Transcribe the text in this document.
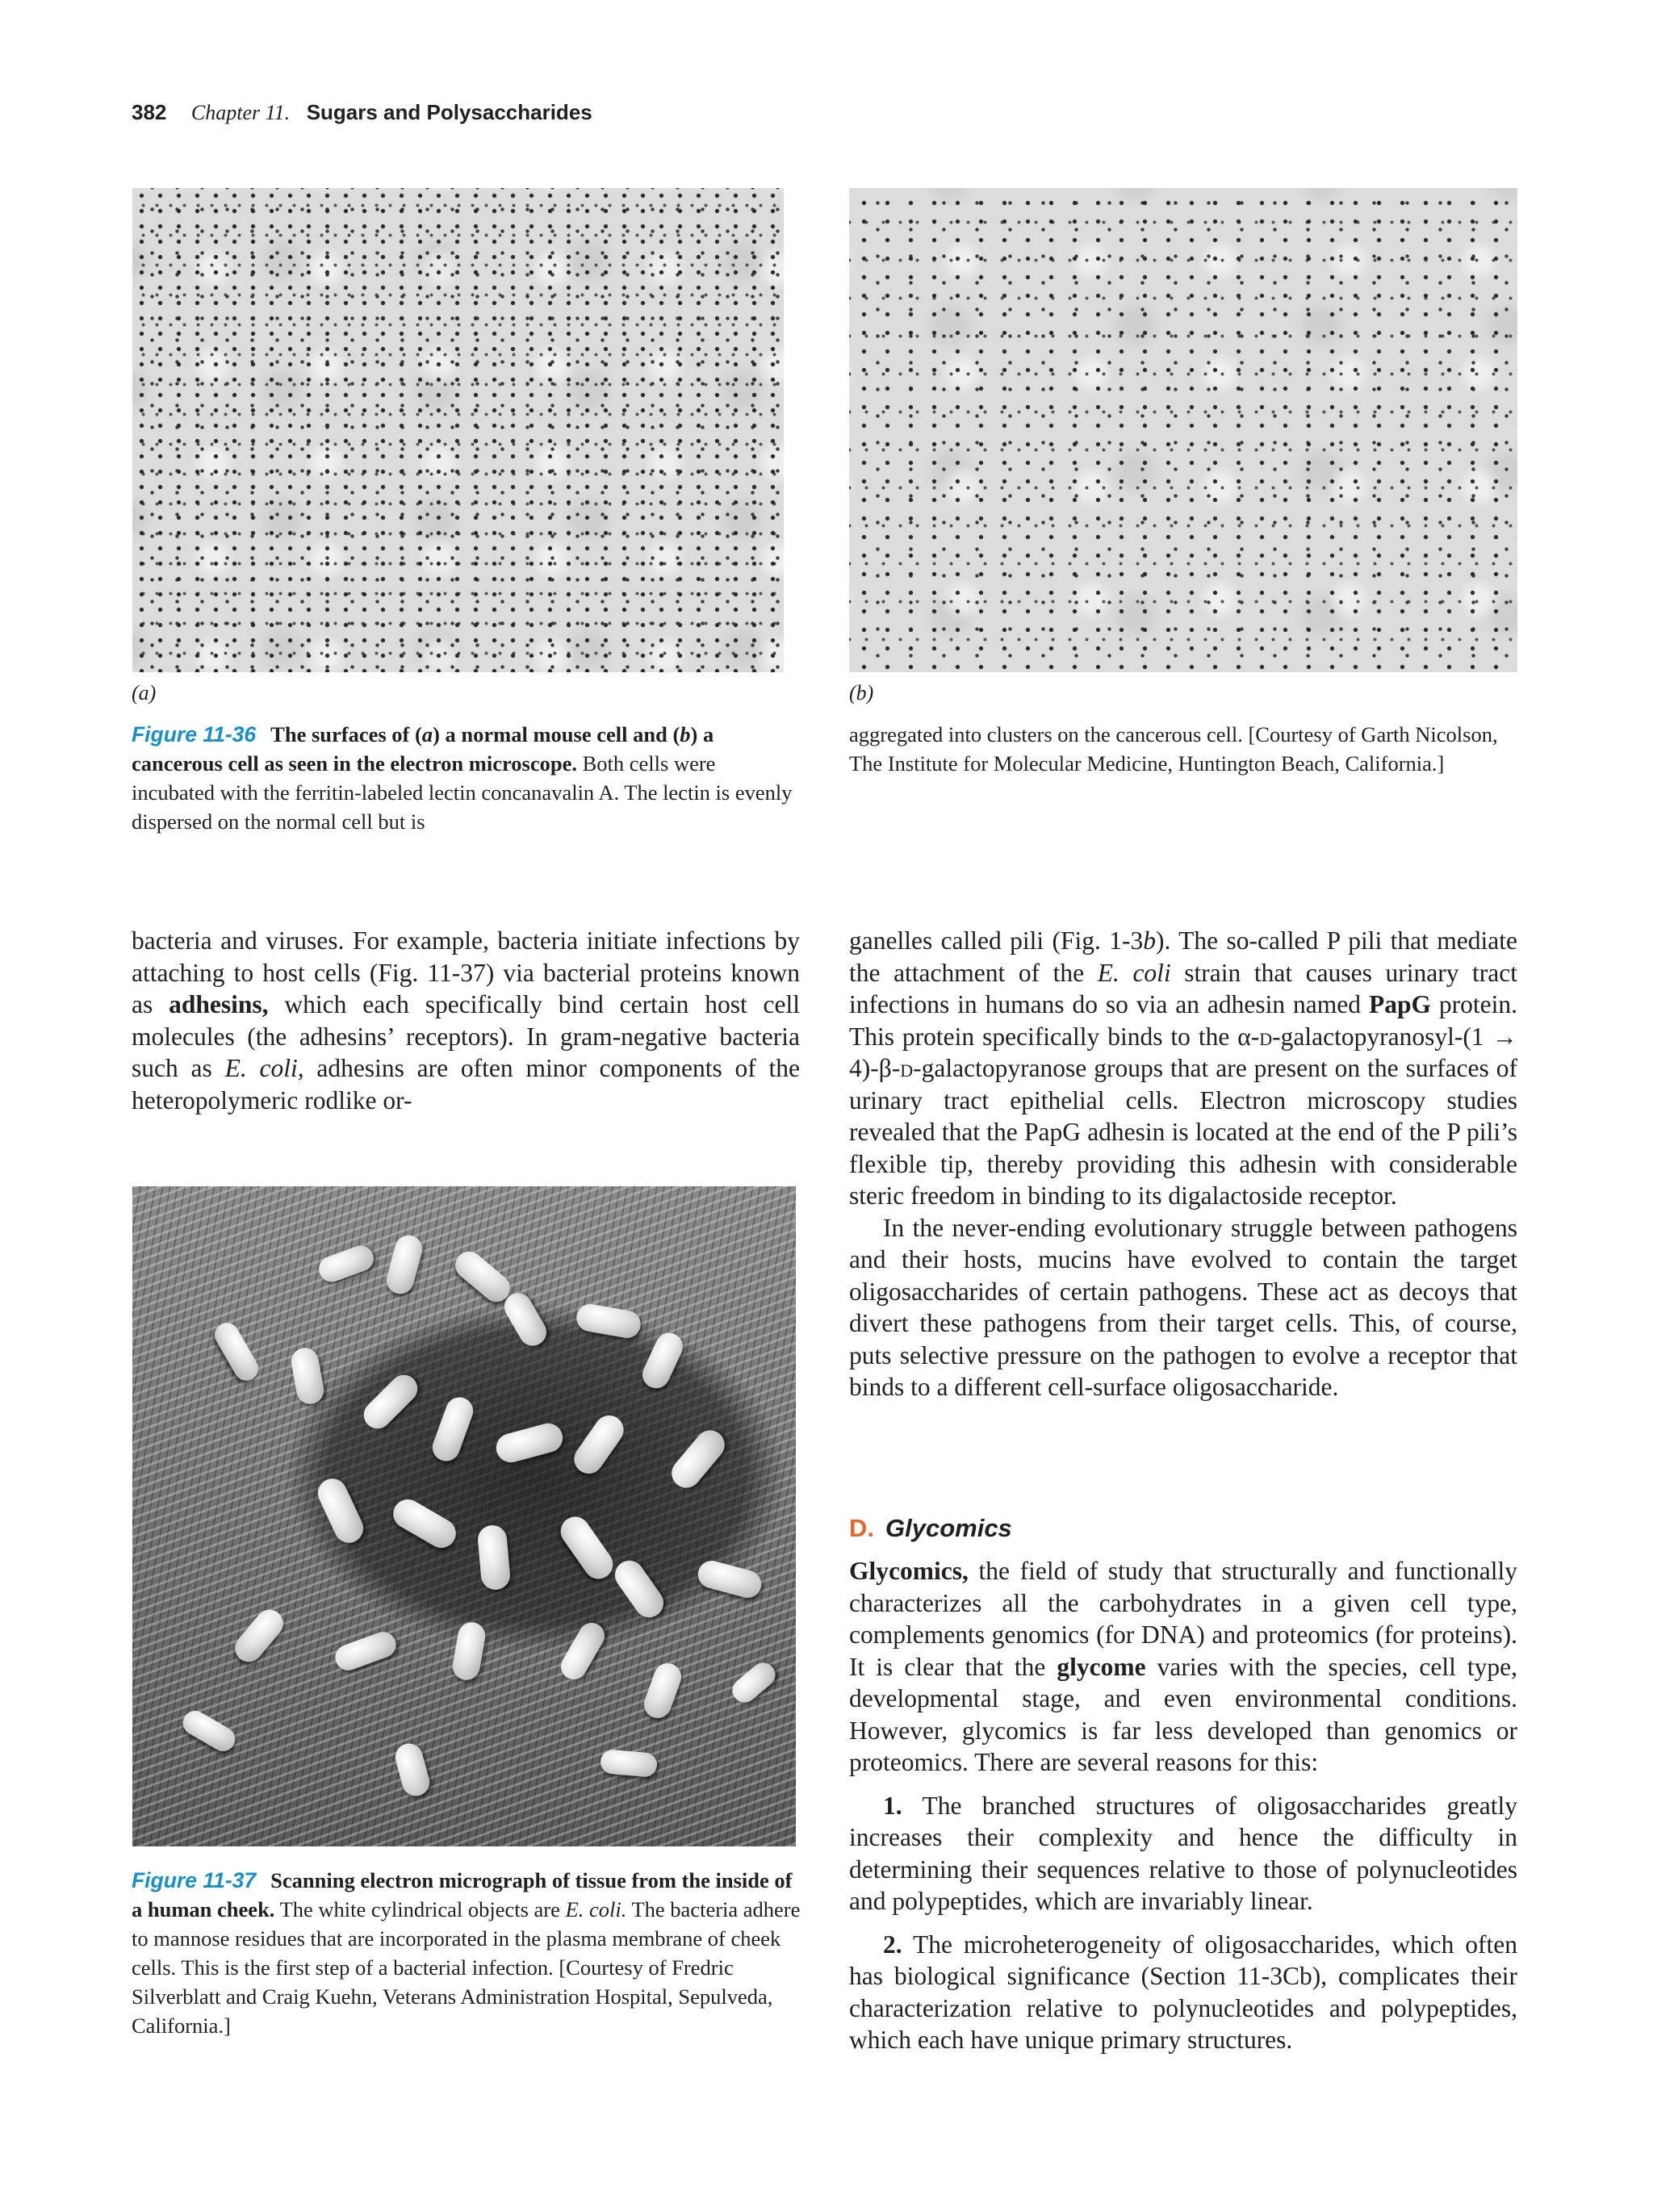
382 Chapter 11. Sugars and Polysaccharides
(a)	(b)
Figure 11-36 The surfaces of (a) a normal mouse cell and (b) a cancerous cell as seen in the electron microscope. Both cells were incubated with the ferritin-labeled lectin concanavalin A. The lectin is evenly dispersed on the normal cell but is
aggregated into clusters on the cancerous cell. [Courtesy of Garth Nicolson, The Institute for Molecular Medicine, Huntington Beach, California.]

bacteria and viruses. For example, bacteria initiate infections by attaching to host cells (Fig. 11-37) via bacterial proteins known as adhesins, which each specifically bind certain host cell molecules (the adhesins’ receptors). In gram-negative bacteria such as E. coli, adhesins are often minor components of the heteropolymeric rodlike or-

Figure 11-37 Scanning electron micrograph of tissue from the inside of a human cheek. The white cylindrical objects are E. coli. The bacteria adhere to mannose residues that are incorporated in the plasma membrane of cheek cells. This is the first step of a bacterial infection. [Courtesy of Fredric Silverblatt and Craig Kuehn, Veterans Administration Hospital, Sepulveda, California.]

ganelles called pili (Fig. 1-3b). The so-called P pili that mediate the attachment of the E. coli strain that causes urinary tract infections in humans do so via an adhesin named PapG protein. This protein specifically binds to the α-d-galactopyranosyl-(1 → 4)-β-d-galactopyranose groups that are present on the surfaces of urinary tract epithelial cells. Electron microscopy studies revealed that the PapG adhesin is located at the end of the P pili’s flexible tip, thereby providing this adhesin with considerable steric freedom in binding to its digalactoside receptor.

In the never-ending evolutionary struggle between pathogens and their hosts, mucins have evolved to contain the target oligosaccharides of certain pathogens. These act as decoys that divert these pathogens from their target cells. This, of course, puts selective pressure on the pathogen to evolve a receptor that binds to a different cell-surface oligosaccharide.

D. Glycomics

Glycomics, the field of study that structurally and functionally characterizes all the carbohydrates in a given cell type, complements genomics (for DNA) and proteomics (for proteins). It is clear that the glycome varies with the species, cell type, developmental stage, and even environmental conditions. However, glycomics is far less developed than genomics or proteomics. There are several reasons for this:

1. The branched structures of oligosaccharides greatly increases their complexity and hence the difficulty in determining their sequences relative to those of polynucleotides and polypeptides, which are invariably linear.

2. The microheterogeneity of oligosaccharides, which often has biological significance (Section 11-3Cb), complicates their characterization relative to polynucleotides and polypeptides, which each have unique primary structures.
